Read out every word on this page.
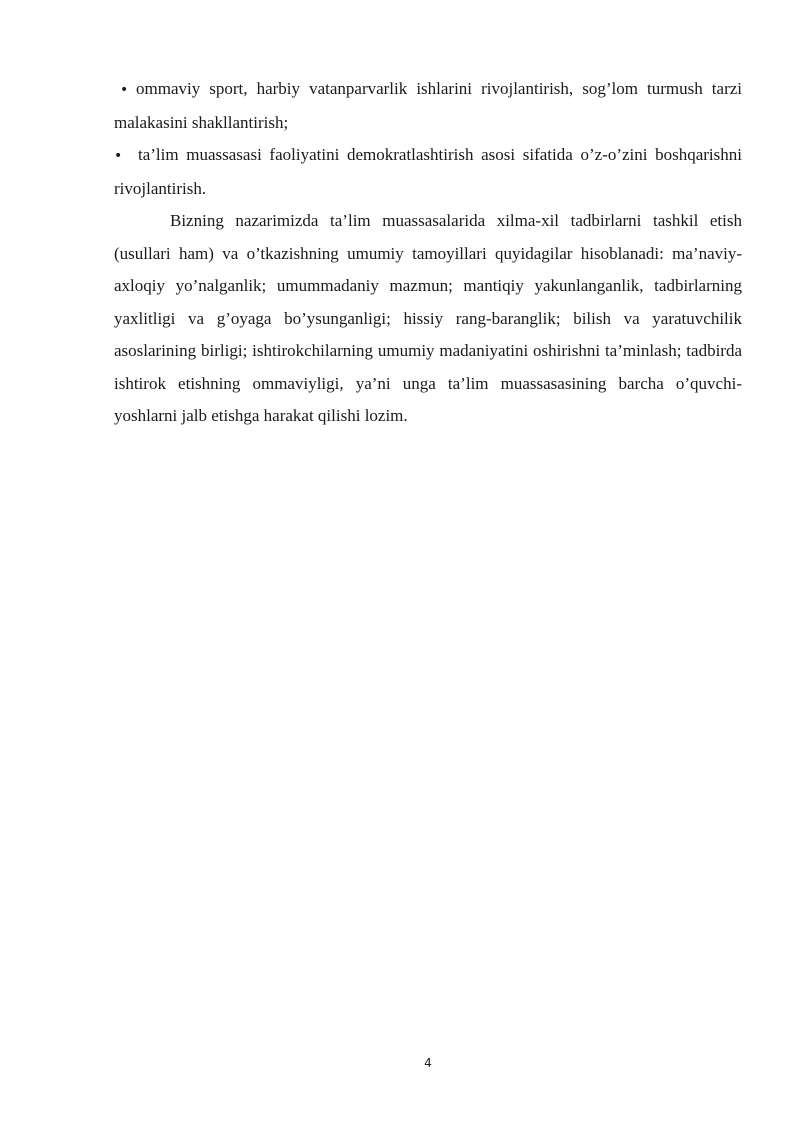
• ommaviy sport, harbiy vatanparvarlik ishlarini rivojlantirish, sog’lom turmush tarzi malakasini shakllantirish;

• ta’lim muassasasi faoliyatini demokratlashtirish asosi sifatida o’z-o’zini boshqarishni rivojlantirish.

Bizning nazarimizda ta’lim muassasalarida xilma-xil tadbirlarni tashkil etish (usullari ham) va o’tkazishning umumiy tamoyillari quyidagilar hisoblanadi: ma’naviy-axloqiy yo’nalganlik; umummadaniy mazmun; mantiqiy yakunlanganlik, tadbirlarning yaxlitligi va g’oyaga bo’ysunganligi; hissiy rang-baranglik; bilish va yaratuvchilik asoslarining birligi; ishtirokchilarning umumiy madaniyatini oshirishni ta’minlash; tadbirda ishtirok etishning ommaviyligi, ya’ni unga ta’lim muassasasining barcha o’quvchi-yoshlarni jalb etishga harakat qilishi lozim.

4
